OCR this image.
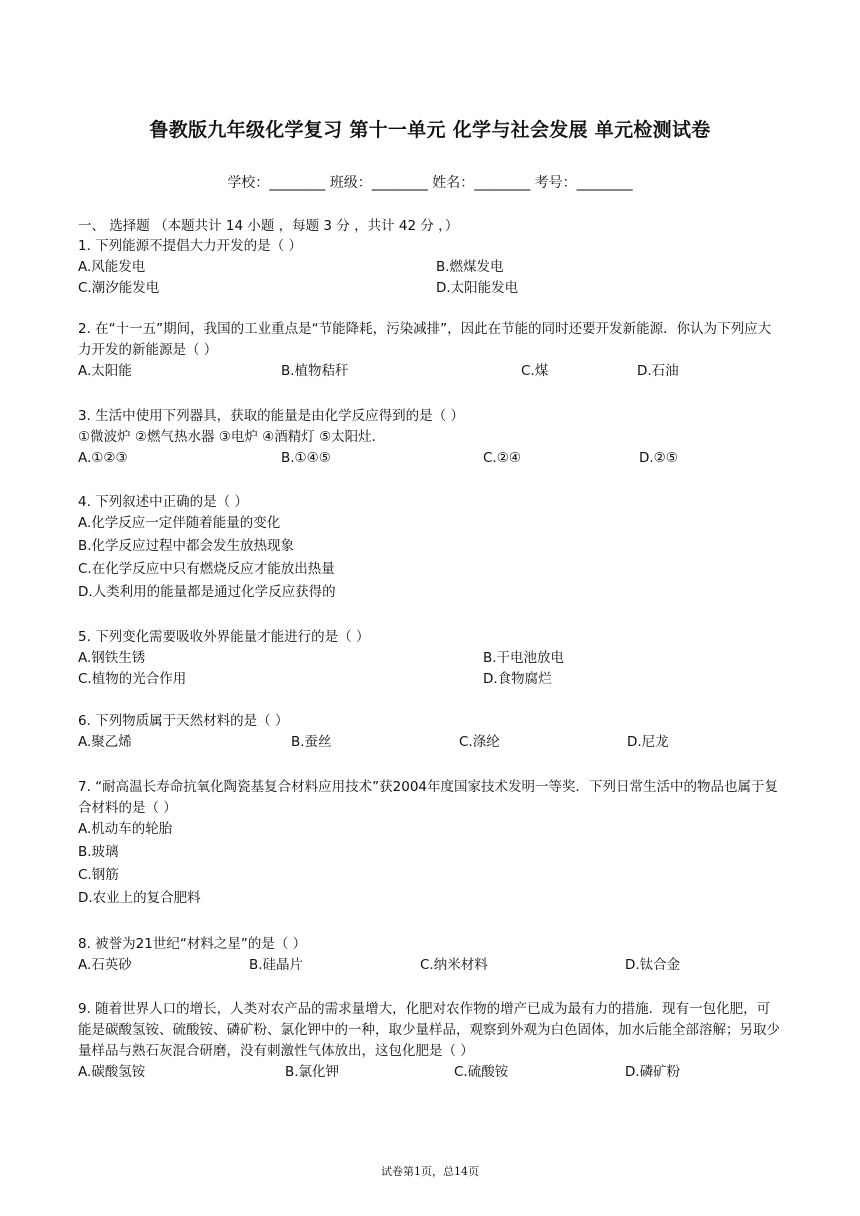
鲁教版九年级化学复习 第十一单元 化学与社会发展 单元检测试卷
学校：________ 班级：________ 姓名：________ 考号：________
一、 选择题 （本题共计 14 小题 ，每题 3 分 ，共计 42 分 ，）
1. 下列能源不提倡大力开发的是（ ）
A.风能发电	B.燃煤发电
C.潮汐能发电	D.太阳能发电
2. 在“十一五”期间，我国的工业重点是“节能降耗，污染减排”，因此在节能的同时还要开发新能源．你认为下列应大力开发的新能源是（ ）
A.太阳能	B.植物秸秆	C.煤	D.石油
3. 生活中使用下列器具，获取的能量是由化学反应得到的是（ ）
①微波炉 ②燃气热水器 ③电炉 ④酒精灯 ⑤太阳灶．
A.①②③	B.①④⑤	C.②④	D.②⑤
4. 下列叙述中正确的是（ ）
A.化学反应一定伴随着能量的变化
B.化学反应过程中都会发生放热现象
C.在化学反应中只有燃烧反应才能放出热量
D.人类利用的能量都是通过化学反应获得的
5. 下列变化需要吸收外界能量才能进行的是（ ）
A.钢铁生锈	B.干电池放电
C.植物的光合作用	D.食物腐烂
6. 下列物质属于天然材料的是（ ）
A.聚乙烯	B.蚕丝	C.涤纶	D.尼龙
7. “耐高温长寿命抗氧化陶瓷基复合材料应用技术”获2004年度国家技术发明一等奖．下列日常生活中的物品也属于复合材料的是（ ）
A.机动车的轮胎
B.玻璃
C.钢筋
D.农业上的复合肥料
8. 被誉为21世纪“材料之星”的是（ ）
A.石英砂	B.硅晶片	C.纳米材料	D.钛合金
9. 随着世界人口的增长，人类对农产品的需求量增大，化肥对农作物的增产已成为最有力的措施．现有一包化肥，可能是碳酸氢铵、硫酸铵、磷矿粉、氯化钾中的一种，取少量样品，观察到外观为白色固体，加水后能全部溶解；另取少量样品与熟石灰混合研磨，没有刺激性气体放出，这包化肥是（ ）
A.碳酸氢铵	B.氯化钾	C.硫酸铵	D.磷矿粉
试卷第1页，总14页
